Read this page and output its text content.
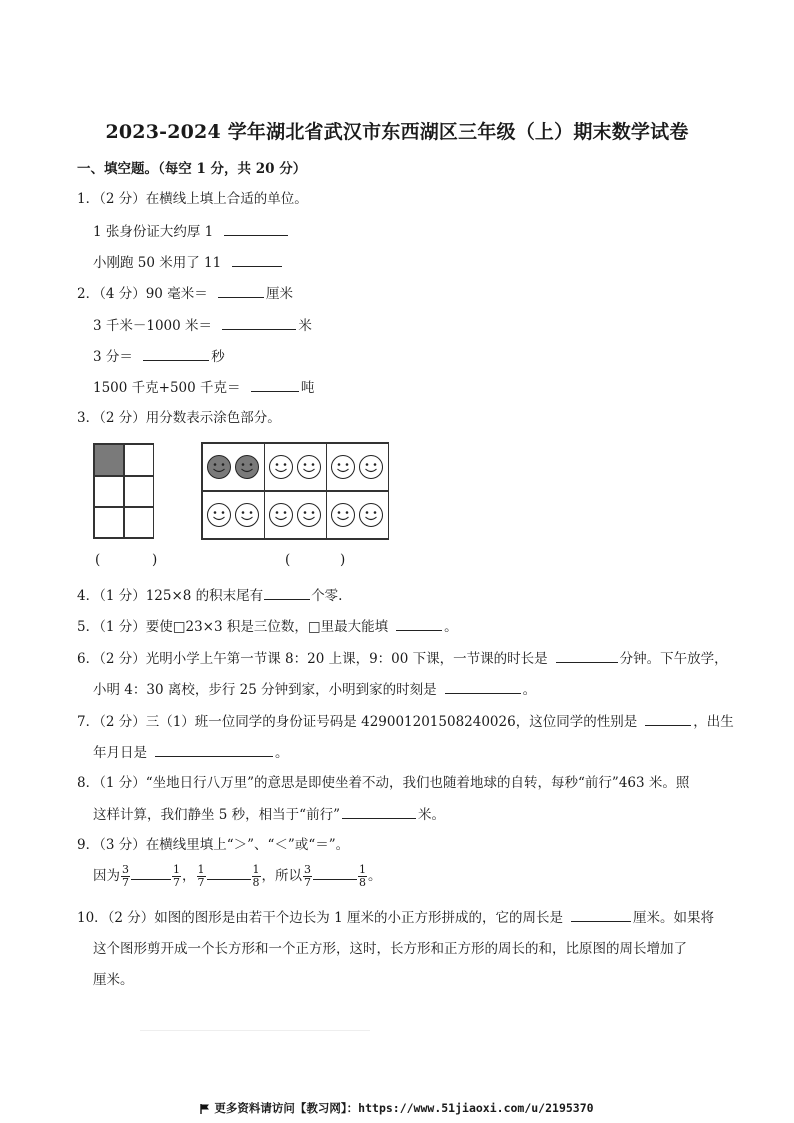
2023-2024 学年湖北省武汉市东西湖区三年级（上）期末数学试卷
一、填空题。（每空 1 分，共 20 分）
1．（2 分）在横线上填上合适的单位。
1 张身份证大约厚 1
小刚跑 50 米用了 11
2．（4 分）90 毫米＝	厘米
3 千米－1000 米＝	米
3 分＝	秒
1500 千克+500 千克＝	吨
3．（2 分）用分数表示涂色部分。
(	)	(	)
4．（1 分）125×8 的积末尾有	个零.
5．（1 分）要使□23×3 积是三位数，□里最大能填	。
6．（2 分）光明小学上午第一节课 8：20 上课，9：00 下课，一节课的时长是	分钟。下午放学，
小明 4：30 离校，步行 25 分钟到家，小明到家的时刻是	。
7．（2 分）三（1）班一位同学的身份证号码是 429001201508240026，这位同学的性别是	，出生
年月日是	。
8．（1 分）“坐地日行八万里”的意思是即使坐着不动，我们也随着地球的自转，每秒“前行”463 米。照
这样计算，我们静坐 5 秒，相当于“前行”	米。
9．（3 分）在横线里填上“＞”、“＜”或“＝”。
因为 $\frac{3}{7}$	$\frac{1}{7}$ ， $\frac{1}{7}$	$\frac{1}{8}$ ，所以 $\frac{3}{7}$	$\frac{1}{8}$ 。
10．（2 分）如图的图形是由若干个边长为 1 厘米的小正方形拼成的，它的周长是	厘米。如果将
这个图形剪开成一个长方形和一个正方形，这时，长方形和正方形的周长的和，比原图的周长增加了
厘米。
更多资料请访问【教习网】：https://www.51jiaoxi.com/u/2195370
